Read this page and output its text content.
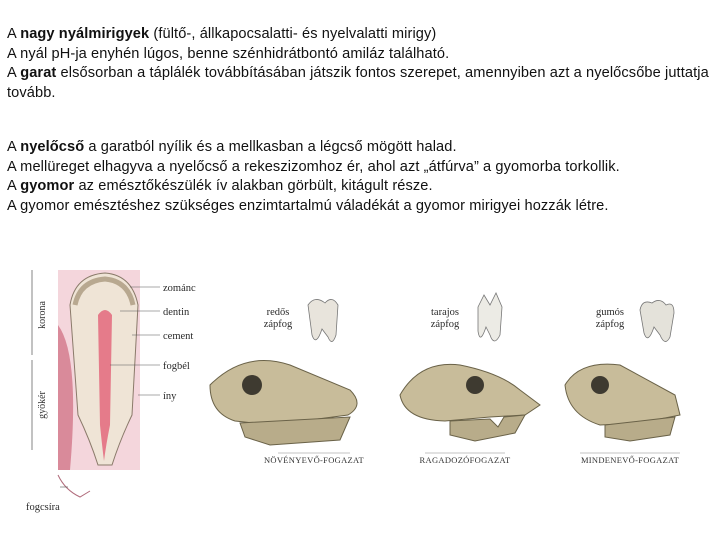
A nagy nyálmirigyek (fültő-, állkapocsalatti- és nyelvalatti mirigy)
A nyál pH-ja enyhén lúgos, benne szénhidrátbontó amiláz található.
A garat elsősorban a táplálék továbbításában játszik fontos szerepet, amennyiben azt a nyelőcsőbe juttatja tovább.
A nyelőcső a garatból nyílik és a mellkasban a légcső mögött halad.
A mellüreget elhagyva a nyelőcső a rekeszizomhoz ér, ahol azt „átfúrva” a gyomorba torkollik.
A gyomor az emésztőkészülék ív alakban görbült, kitágult része.
A gyomor emésztéshez szükséges enzimtartalmú váladékát a gyomor mirigyei hozzák létre.
korona
gyökér
zománc
dentin
cement
fogbél
íny
fogcsíra
redős
zápfog
NÖVÉNYEVŐ-FOGAZAT
tarajos
zápfog
RAGADOZÓFOGAZAT
gumós
zápfog
MINDENEVŐ-FOGAZAT
